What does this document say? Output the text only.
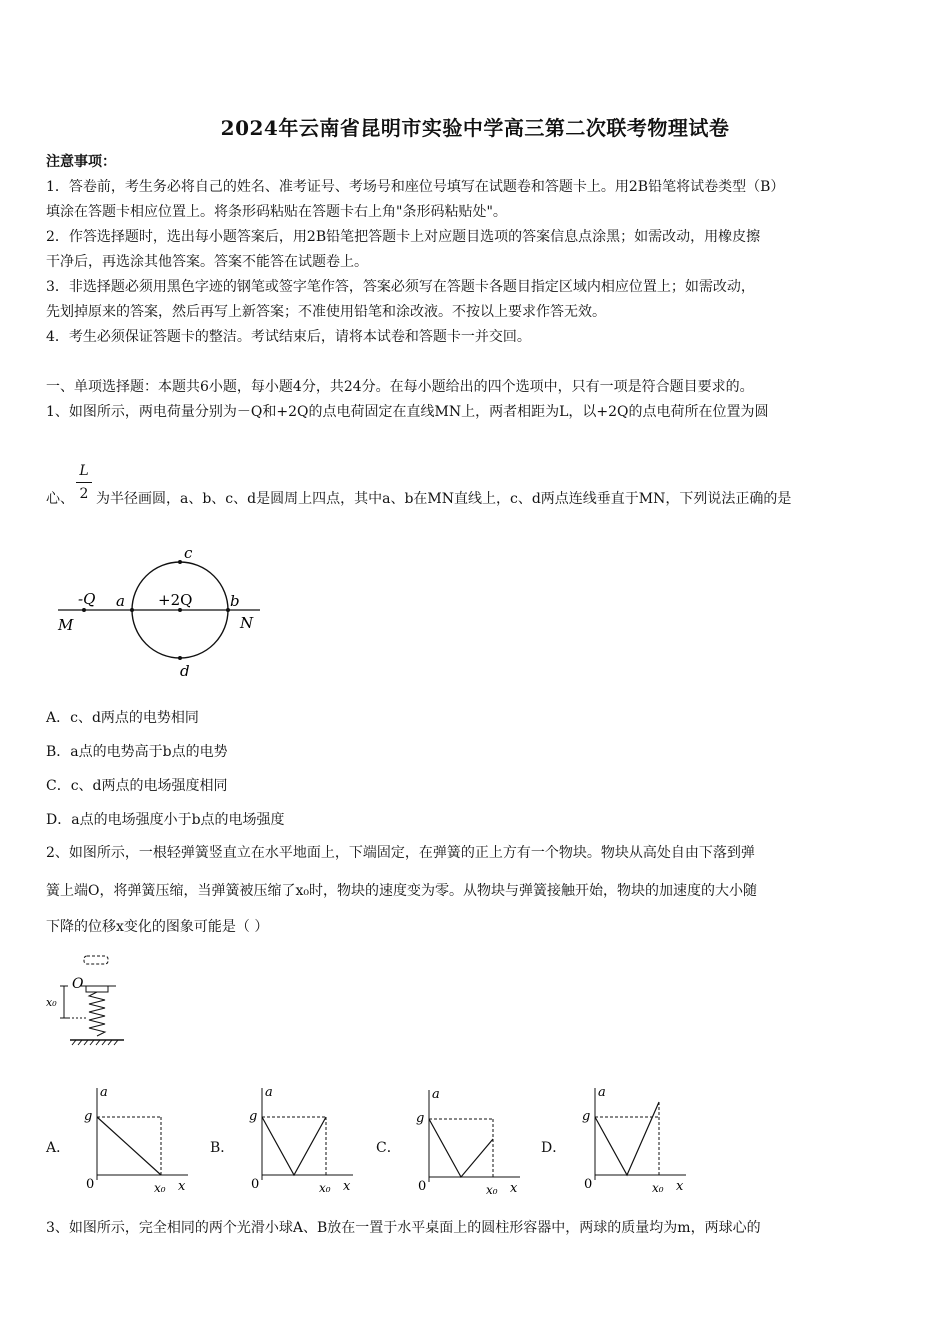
2024年云南省昆明市实验中学高三第二次联考物理试卷
注意事项：
1．答卷前，考生务必将自己的姓名、准考证号、考场号和座位号填写在试题卷和答题卡上。用2B铅笔将试卷类型（B）
填涂在答题卡相应位置上。将条形码粘贴在答题卡右上角"条形码粘贴处"。
2．作答选择题时，选出每小题答案后，用2B铅笔把答题卡上对应题目选项的答案信息点涂黑；如需改动，用橡皮擦
干净后，再选涂其他答案。答案不能答在试题卷上。
3．非选择题必须用黑色字迹的钢笔或签字笔作答，答案必须写在答题卡各题目指定区域内相应位置上；如需改动，
先划掉原来的答案，然后再写上新答案；不准使用铅笔和涂改液。不按以上要求作答无效。
4．考生必须保证答题卡的整洁。考试结束后，请将本试卷和答题卡一并交回。
一、单项选择题：本题共6小题，每小题4分，共24分。在每小题给出的四个选项中，只有一项是符合题目要求的。
1、如图所示，两电荷量分别为－Q和+2Q的点电荷固定在直线MN上，两者相距为L，以+2Q的点电荷所在位置为圆
L
2
心、 为半径画圆，a、b、c、d是圆周上四点，其中a、b在MN直线上，c、d两点连线垂直于MN，下列说法正确的是
c
d
a	b
-Q	+2Q
M	N
A．c、d两点的电势相同
B．a点的电势高于b点的电势
C．c、d两点的电场强度相同
D．a点的电场强度小于b点的电场强度
2、如图所示，一根轻弹簧竖直立在水平地面上，下端固定，在弹簧的正上方有一个物块。物块从高处自由下落到弹
簧上端O，将弹簧压缩，当弹簧被压缩了x₀时，物块的速度变为零。从物块与弹簧接触开始，物块的加速度的大小随
下降的位移x变化的图象可能是（ ）
O
x₀
A．	B．	C．	D．
a
g
0	x₀ x
a
g
0	x₀ x
a
g
0	x₀ x
a
g
0	x₀ x
3、如图所示，完全相同的两个光滑小球A、B放在一置于水平桌面上的圆柱形容器中，两球的质量均为m，两球心的
